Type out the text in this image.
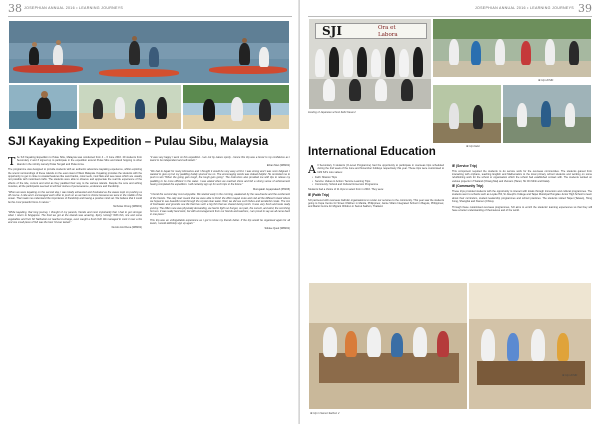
38 JOSEPHIAN ANNUAL 2016 • LEARNING JOURNEYS
SJI Kayaking Expedition – Pulau Sibu, Malaysia

The SJI Kayaking Expedition to Pulau Sibu, Malaysia was conducted from 4 – 6 June 2016. 29 students from Secondary 2 and 3 signed up to participate in the expedition around Pulau Sibu and island hopping to other islands in the vicinity namely Pulau Tengah and Pulau Lima.

The programme was designed to provide students with an authentic adventure kayaking experience, whilst exploring the scenic surroundings of these islands on the east coast of West Malaysia. Kayaking provides the students with the opportunity to get in close to coastal features like sand banks, coral reefs, mud flats and sea caves which are usually not possible with motorised crafts. The students were able to observe and appreciate the real life experience of the effects of the tide, current and wind as they paddled their way to the various islands. Despite the sore and aching muscles, all the participants seemed to tell their stories of perseverance, endurance and friendship.

"When we were kayaking on the second day, I was totally exhausted and frustrated as the waves kept on pushing us off course. A ride and I encouraged each other to push on as we had no choice because we were in the middle of the ocean. That made me understand the importance of friendship and having a positive mind set. We believe that it could be the most powerful force in nature."

Nicholas Chong (WB201)

"While kayaking, that long journey, I thought of my parents, friends and most importantly that I had to get stronger when I return to Singapore. The food we got at the islands was amazing. Spicy 'sotong'! With fish, rice and some vegetables and fruit. Mr Nathaniel our teacher-in-charge, even caught a fresh fish! We managed to cook it over a fire and one small piece of fish was the best I'd ever tasted."

Dennis And Dexa (WB201)

"It was very happy I went on this expedition. I am not by nature sporty - hence this trip was a boost to my confidence as I learnt to be independent and self-reliant."

Ethan Man (WB201)

"We had to kayak for many kilometres and I thought it would be very easy at first. I was wrong and I was soon fatigued. I wanted to give up but my paddling buddy spurred me on. The encouraging words was indeed helpful. He reminded me to push to win "When the going gets tough, the tough gets going". The instructors also provided me with tips to relieve my paddling to be more efficient in the water. I was elated when we reached shore and felt a strong sense of achievement having completed the expedition. I will certainly sign up for such trips in the future."

Murugaiah Jayaprakash (P6203)

"I found the second day most enjoyable. We started early in the morning, awakened by the sea-breeze and the excitement of the friends. The rally start meant that we were able to finish the 20km kayak route and visit all the different island where we hoped to see beautiful coral through the crystal clear water. Well, we did see such fishes and wonderful corals. The mix of freshwater and grounds see life that has such a big fish that we shared during lunch. It was very fresh and taste really yummy. The 20km race was physically demanding, we had to fight our hunger, our pain, the current, and wind, the scorching hot sun. It was really hard work, but with encouragement from our friends and teachers, I am proud to say we all came back in one piece."

This trip was an unforgettable experience as I got to know my friends better. If the trip would be organised again for all levels, I would definitely sign up again."

Siddee Quek (WB201)

JOSEPHIAN ANNUAL 2016 • LEARNING JOURNEYS 39
SJI	Ora et
Labora
IE trip HCMD
Hosting of Japanese school Seibi Kasai 2
IE trip Dalat
International Education

All Secondary 3 students (O-Level Programme) had the opportunity to participate in overseas trips scheduled during the 2nd week of the June and November holidays respectively this year. These trips were customised to fulfil SJI's core values:

• Faith: Mission Trips
• Service: Values in Action / Service Learning Trips
• Community: School and Cultural Immersion Programme

Students had a choice of 11 trips to select from in 2016. They were:

IE (Faith Trip)

SJI partnered with overseas Catholic organisations to render our services to the community. This year saw the students going to Kupa Centre for Street Children in Manila, Philippines; Jamie Villaro Integrated School in Baguio, Philippines; and Marist Centre for Migrant Children in Samut Sakhon, Thailand.

IE (Service Trip)

This component required the students to do service work for the overseas communities. The students gained from interacting with orphans, teaching English and Mathematics to the local primary school students and working on some refurbishing work for the school or organisation which the school had established contact with. The students worked on various projects in Thailand (Chiang Mai) and Vietnam (Hanoi, Ho Chi Minh and Dalat).

IE (Community Trip)

These trips provided students with the opportunity to interact with locals through immersion and cultural programmes. The students went to schools such as Loyale Hill, St Joseph's College and Taipei Municipal Hongdau Junior High School to learn about their curriculum, student leadership programmes and school practices. The students visited Taipei (Taiwan), Hong Kong, Shanghai and Xiamen (China).

Through these customised overseas programmes, SJI aims to enrich the students' learning experiences so that they will have a better understanding of themselves and of the world.

IE trip in Samut Sakhon 2
IE trip HCMD
